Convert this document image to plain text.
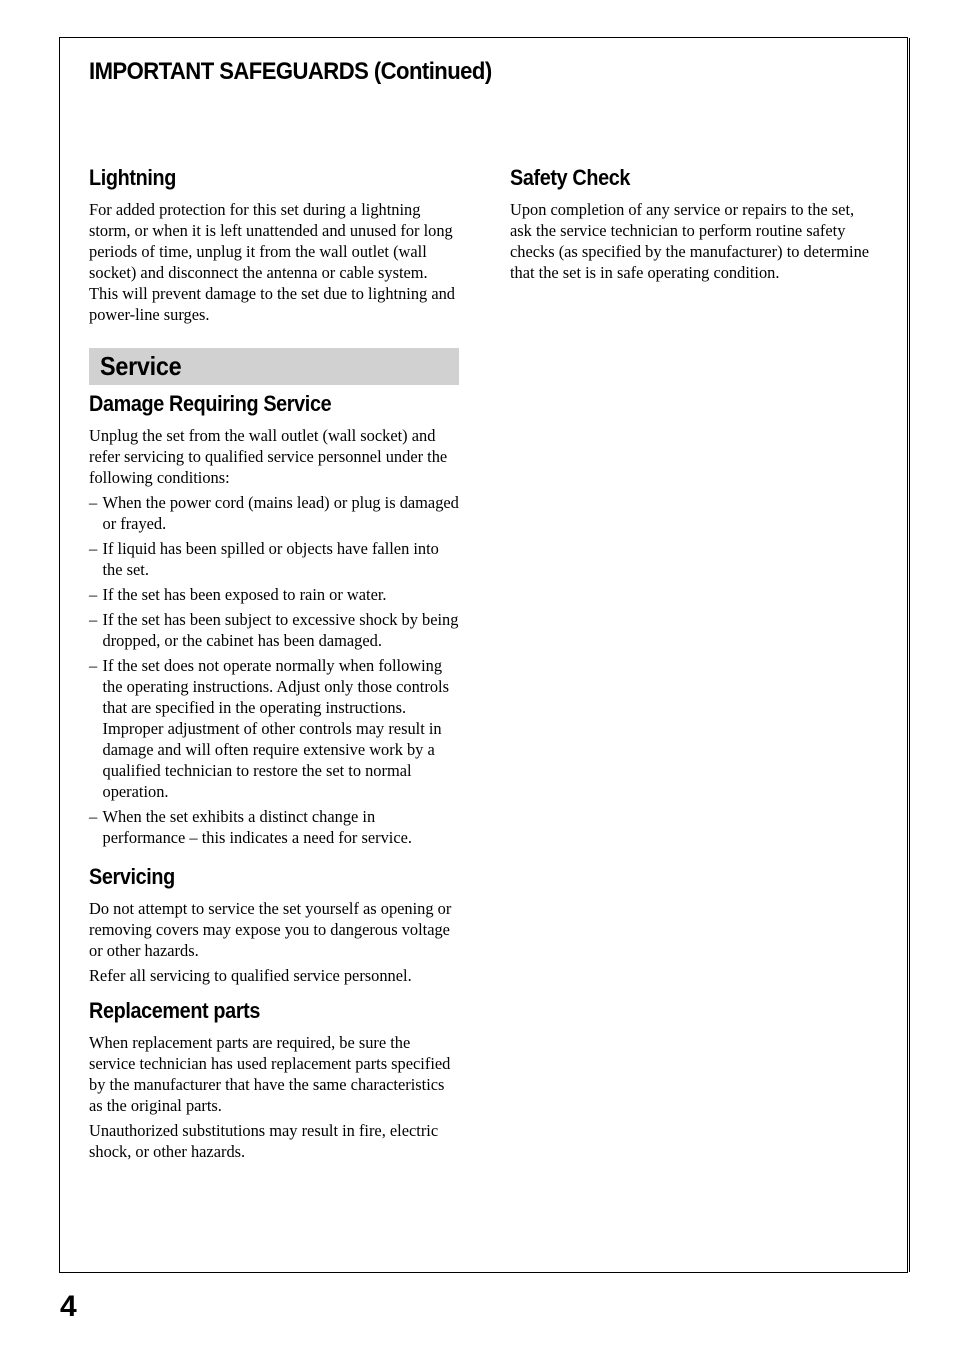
IMPORTANT SAFEGUARDS (Continued)
Lightning

For added protection for this set during a lightning storm, or when it is left unattended and unused for long periods of time, unplug it from the wall outlet (wall socket) and disconnect the antenna or cable system. This will prevent damage to the set due to lightning and power-line surges.

Service
Damage Requiring Service

Unplug the set from the wall outlet (wall socket) and refer servicing to qualified service personnel under the following conditions:

– When the power cord (mains lead) or plug is damaged or frayed.
– If liquid has been spilled or objects have fallen into the set.
– If the set has been exposed to rain or water.
– If the set has been subject to excessive shock by being dropped, or the cabinet has been damaged.
– If the set does not operate normally when following the operating instructions. Adjust only those controls that are specified in the operating instructions. Improper adjustment of other controls may result in damage and will often require extensive work by a qualified technician to restore the set to normal operation.
– When the set exhibits a distinct change in performance – this indicates a need for service.
Servicing

Do not attempt to service the set yourself as opening or removing covers may expose you to dangerous voltage or other hazards.

Refer all servicing to qualified service personnel.

Replacement parts

When replacement parts are required, be sure the service technician has used replacement parts specified by the manufacturer that have the same characteristics as the original parts.

Unauthorized substitutions may result in fire, electric shock, or other hazards.

Safety Check

Upon completion of any service or repairs to the set, ask the service technician to perform routine safety checks (as specified by the manufacturer) to determine that the set is in safe operating condition.

4
